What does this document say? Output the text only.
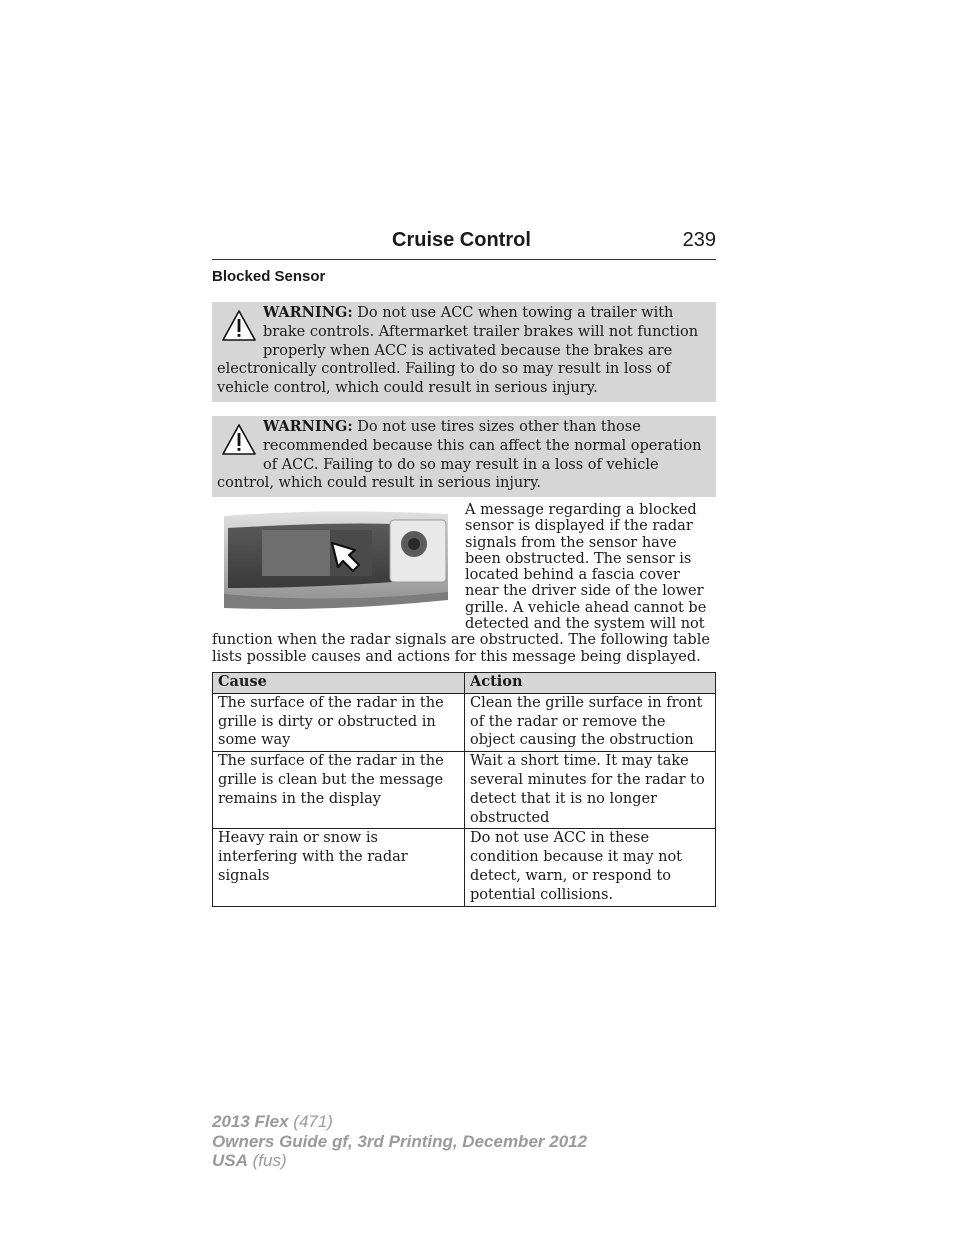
Cruise Control	239
Blocked Sensor
WARNING: Do not use ACC when towing a trailer with brake controls. Aftermarket trailer brakes will not function properly when ACC is activated because the brakes are electronically controlled. Failing to do so may result in loss of vehicle control, which could result in serious injury.
WARNING: Do not use tires sizes other than those recommended because this can affect the normal operation of ACC. Failing to do so may result in a loss of vehicle control, which could result in serious injury.
A message regarding a blocked sensor is displayed if the radar signals from the sensor have been obstructed. The sensor is located behind a fascia cover near the driver side of the lower grille. A vehicle ahead cannot be detected and the system will not function when the radar signals are obstructed. The following table lists possible causes and actions for this message being displayed.
Cause	Action
The surface of the radar in the grille is dirty or obstructed in some way	Clean the grille surface in front of the radar or remove the object causing the obstruction
The surface of the radar in the grille is clean but the message remains in the display	Wait a short time. It may take several minutes for the radar to detect that it is no longer obstructed
Heavy rain or snow is interfering with the radar signals	Do not use ACC in these condition because it may not detect, warn, or respond to potential collisions.
2013 Flex (471)
Owners Guide gf, 3rd Printing, December 2012
USA (fus)
